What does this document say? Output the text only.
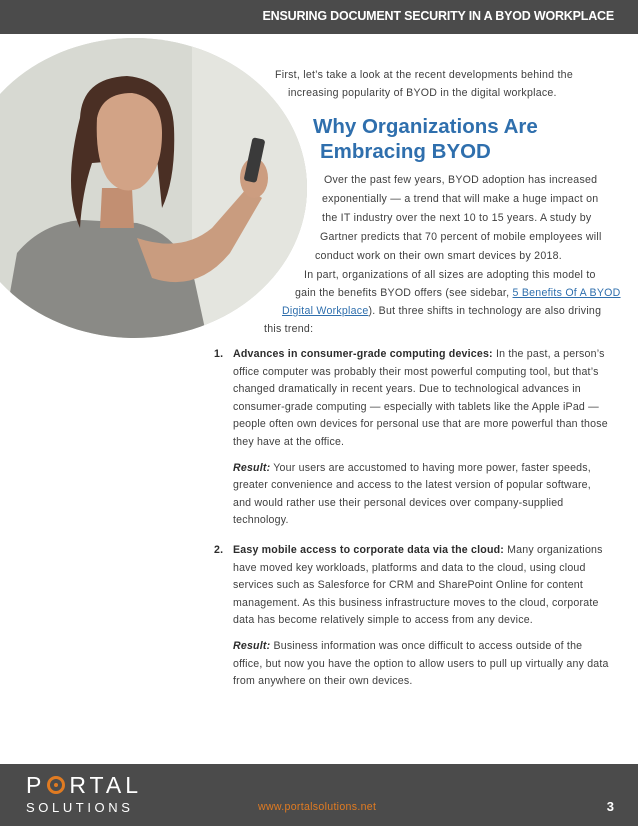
ENSURING DOCUMENT SECURITY IN A BYOD WORKPLACE
First, let’s take a look at the recent developments behind the
increasing popularity of BYOD in the digital workplace.
Why Organizations Are
Embracing BYOD
Over the past few years, BYOD adoption has increased
exponentially — a trend that will make a huge impact on
the IT industry over the next 10 to 15 years. A study by
Gartner predicts that 70 percent of mobile employees will
conduct work on their own smart devices by 2018.
In part, organizations of all sizes are adopting this model to
gain the benefits BYOD offers (see sidebar, 5 Benefits Of A BYOD
Digital Workplace). But three shifts in technology are also driving
this trend:
1. Advances in consumer-grade computing devices: In the past, a person’s office computer was probably their most powerful computing tool, but that’s changed dramatically in recent years. Due to technological advances in consumer-grade computing — especially with tablets like the Apple iPad — people often own devices for personal use that are more powerful than those they have at the office.

Result: Your users are accustomed to having more power, faster speeds, greater convenience and access to the latest version of popular software, and would rather use their personal devices over company-supplied technology.

2. Easy mobile access to corporate data via the cloud: Many organizations have moved key workloads, platforms and data to the cloud, using cloud services such as Salesforce for CRM and SharePoint Online for content management. As this business infrastructure moves to the cloud, corporate data has become relatively simple to access from any device.

Result: Business information was once difficult to access outside of the office, but now you have the option to allow users to pull up virtually any data from anywhere on their own devices.

P RTAL
SOLUTIONS	www.portalsolutions.net	3
